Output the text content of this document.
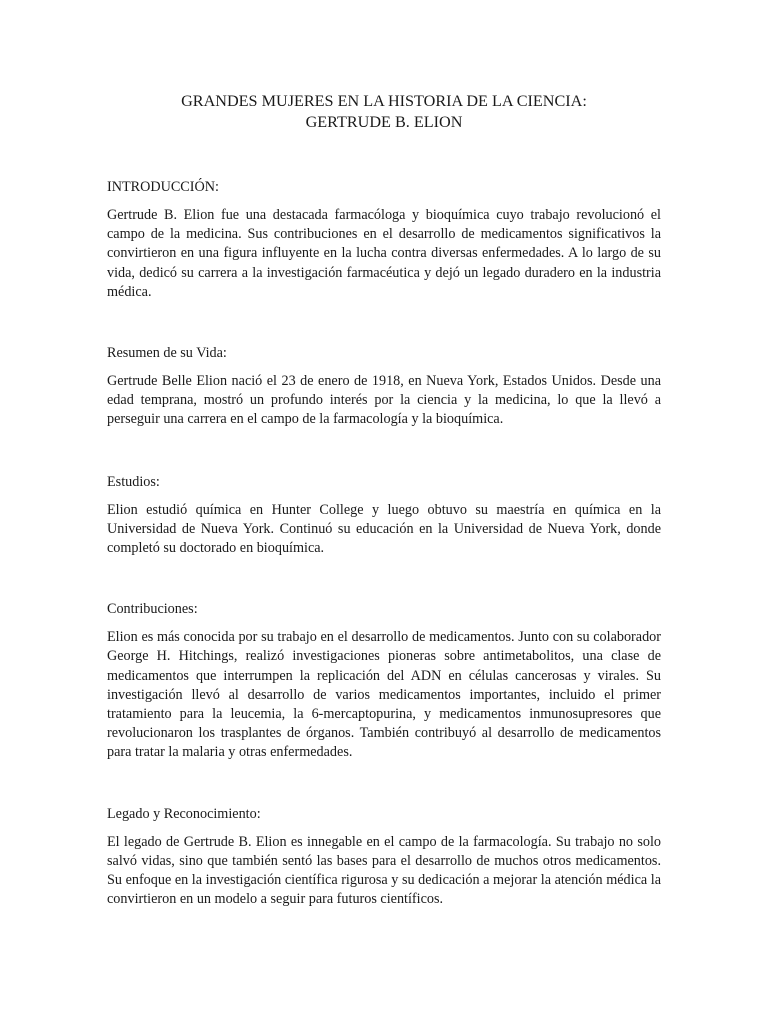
GRANDES MUJERES EN LA HISTORIA DE LA CIENCIA:
GERTRUDE B. ELION

INTRODUCCIÓN:

Gertrude B. Elion fue una destacada farmacóloga y bioquímica cuyo trabajo revolucionó el campo de la medicina. Sus contribuciones en el desarrollo de medicamentos significativos la convirtieron en una figura influyente en la lucha contra diversas enfermedades. A lo largo de su vida, dedicó su carrera a la investigación farmacéutica y dejó un legado duradero en la industria médica.

Resumen de su Vida:

Gertrude Belle Elion nació el 23 de enero de 1918, en Nueva York, Estados Unidos. Desde una edad temprana, mostró un profundo interés por la ciencia y la medicina, lo que la llevó a perseguir una carrera en el campo de la farmacología y la bioquímica.

Estudios:

Elion estudió química en Hunter College y luego obtuvo su maestría en química en la Universidad de Nueva York. Continuó su educación en la Universidad de Nueva York, donde completó su doctorado en bioquímica.

Contribuciones:

Elion es más conocida por su trabajo en el desarrollo de medicamentos. Junto con su colaborador George H. Hitchings, realizó investigaciones pioneras sobre antimetabolitos, una clase de medicamentos que interrumpen la replicación del ADN en células cancerosas y virales. Su investigación llevó al desarrollo de varios medicamentos importantes, incluido el primer tratamiento para la leucemia, la 6-mercaptopurina, y medicamentos inmunosupresores que revolucionaron los trasplantes de órganos. También contribuyó al desarrollo de medicamentos para tratar la malaria y otras enfermedades.

Legado y Reconocimiento:

El legado de Gertrude B. Elion es innegable en el campo de la farmacología. Su trabajo no solo salvó vidas, sino que también sentó las bases para el desarrollo de muchos otros medicamentos. Su enfoque en la investigación científica rigurosa y su dedicación a mejorar la atención médica la convirtieron en un modelo a seguir para futuros científicos.
